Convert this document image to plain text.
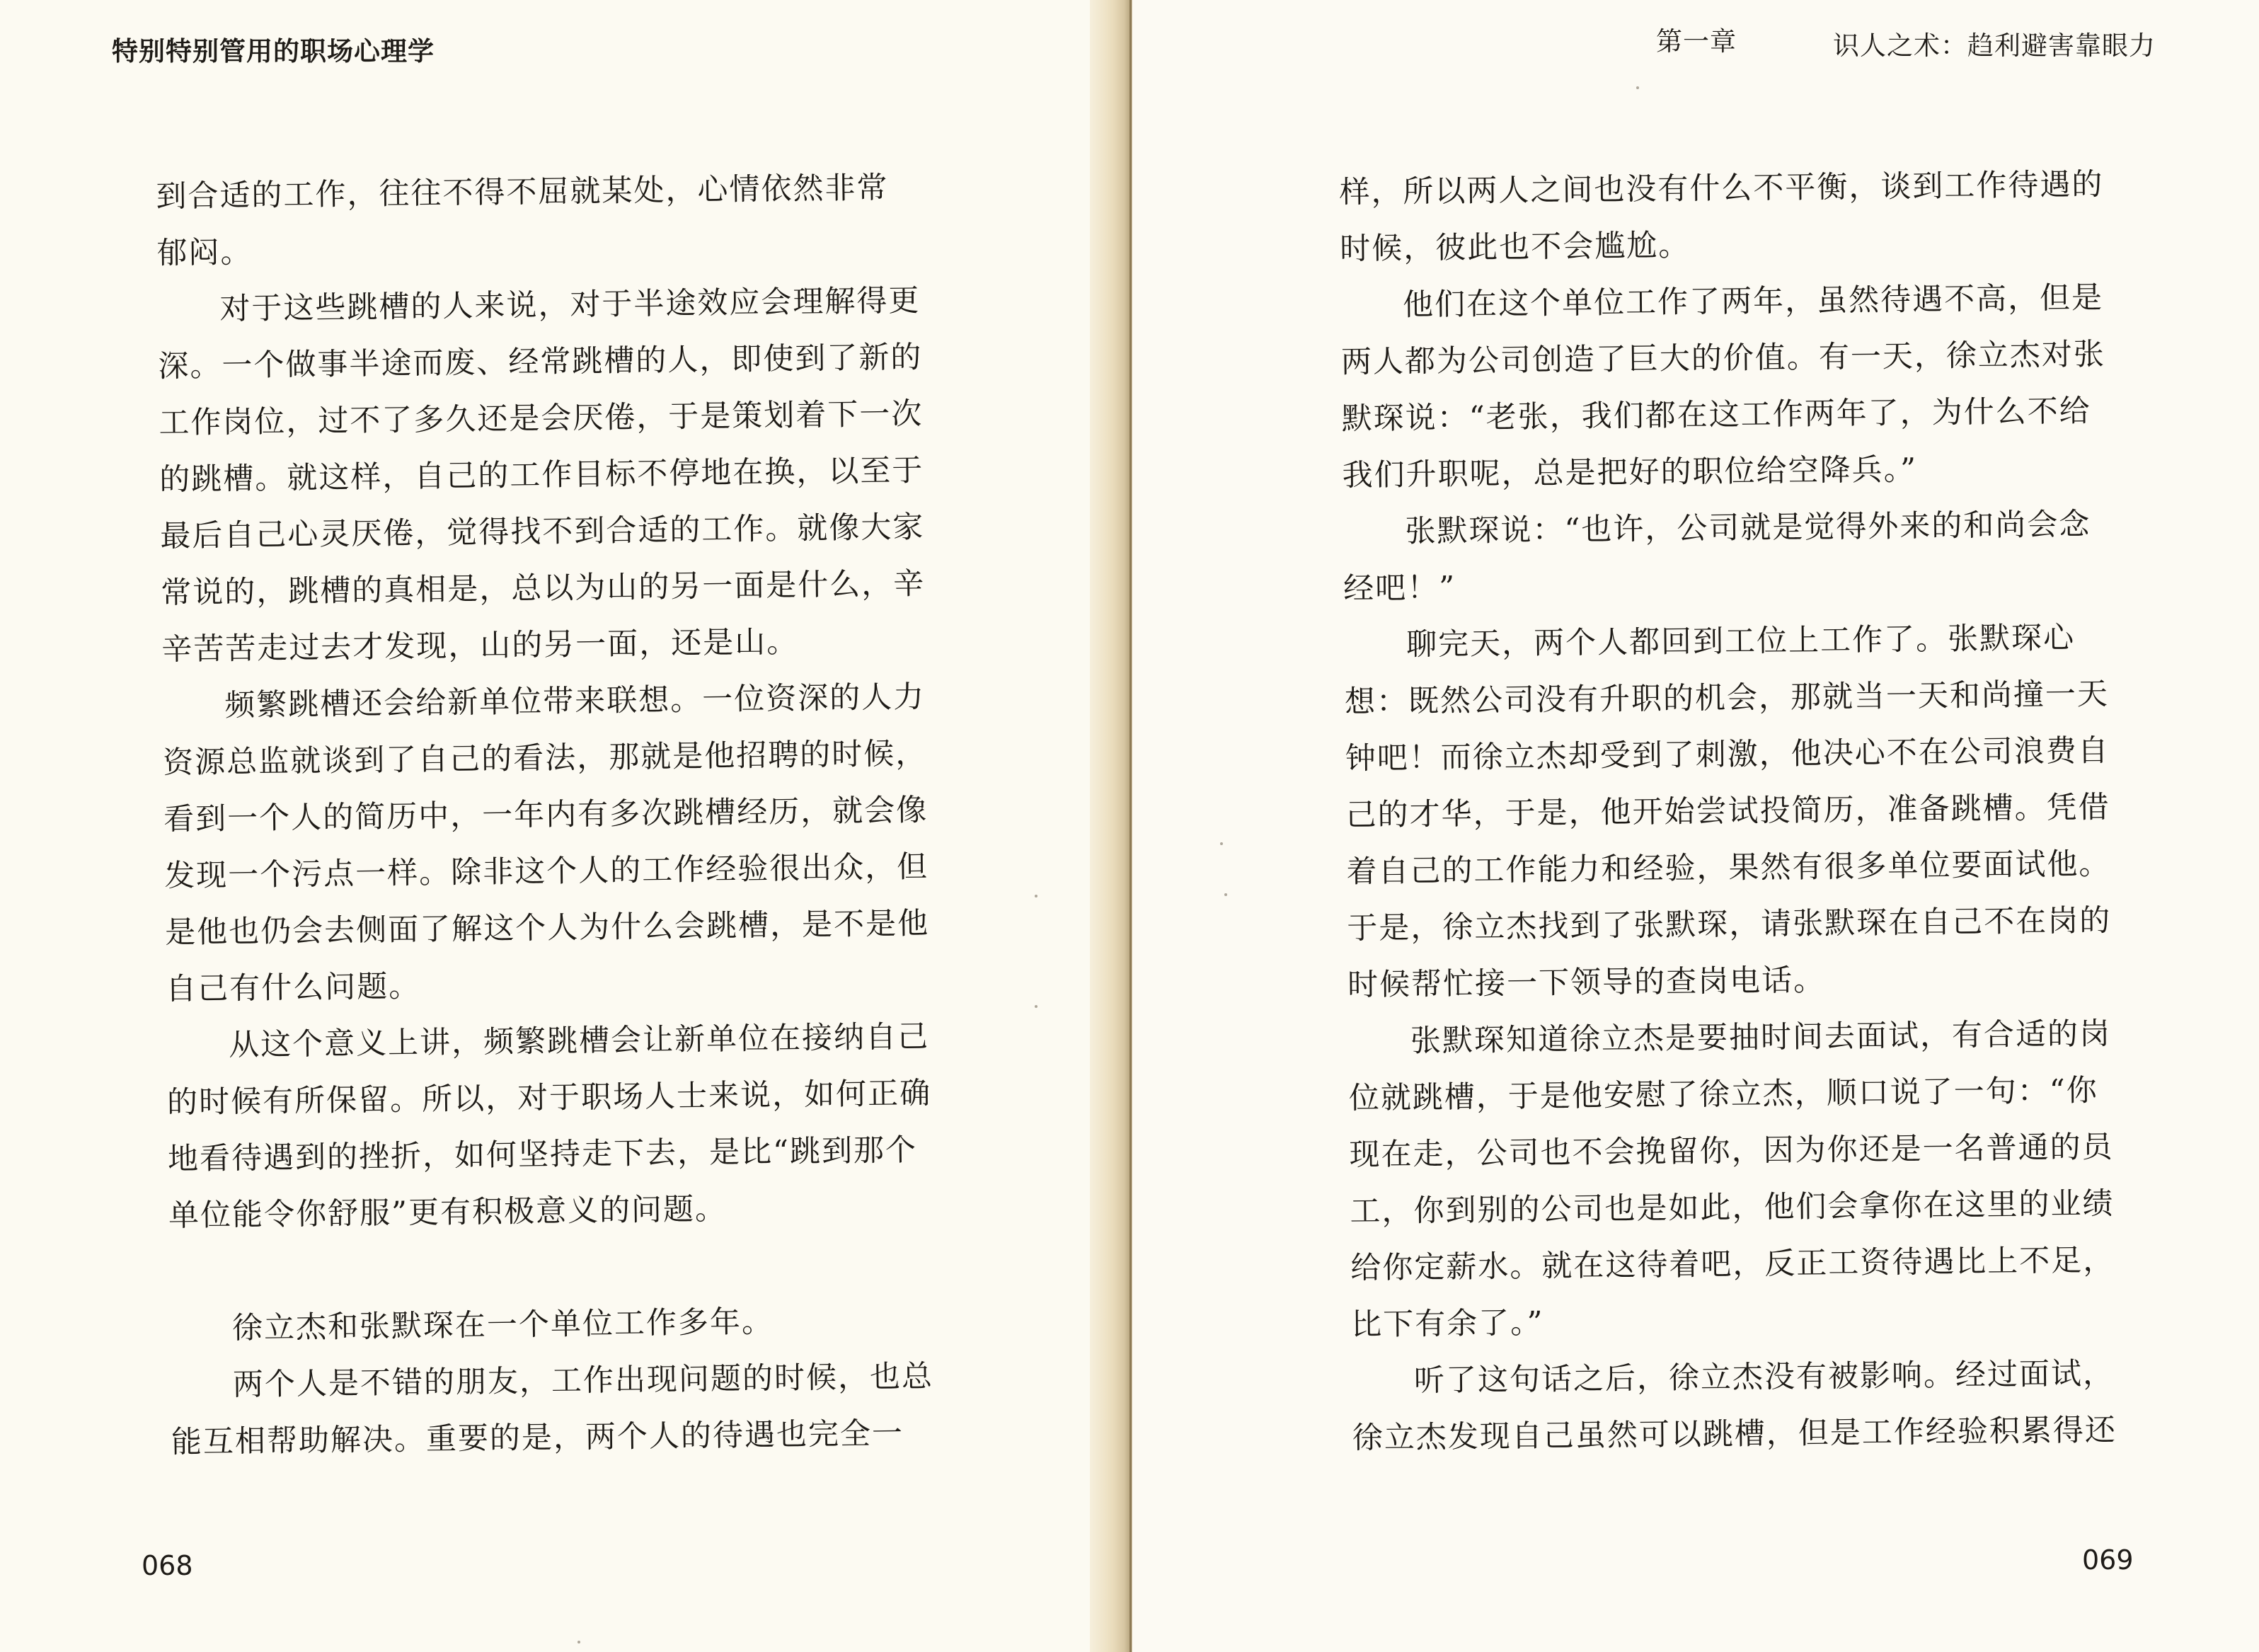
特别特别管用的职场心理学

到合适的工作，往往不得不屈就某处，心情依然非常

郁闷。

对于这些跳槽的人来说，对于半途效应会理解得更

深。一个做事半途而废、经常跳槽的人，即使到了新的

工作岗位，过不了多久还是会厌倦，于是策划着下一次

的跳槽。就这样，自己的工作目标不停地在换，以至于

最后自己心灵厌倦，觉得找不到合适的工作。就像大家

常说的，跳槽的真相是，总以为山的另一面是什么，辛

辛苦苦走过去才发现，山的另一面，还是山。

频繁跳槽还会给新单位带来联想。一位资深的人力

资源总监就谈到了自己的看法，那就是他招聘的时候，

看到一个人的简历中，一年内有多次跳槽经历，就会像

发现一个污点一样。除非这个人的工作经验很出众，但

是他也仍会去侧面了解这个人为什么会跳槽，是不是他

自己有什么问题。

从这个意义上讲，频繁跳槽会让新单位在接纳自己

的时候有所保留。所以，对于职场人士来说，如何正确

地看待遇到的挫折，如何坚持走下去，是比“跳到那个

单位能令你舒服”更有积极意义的问题。

徐立杰和张默琛在一个单位工作多年。

两个人是不错的朋友，工作出现问题的时候，也总

能互相帮助解决。重要的是，两个人的待遇也完全一

068
第一章	识人之术：趋利避害靠眼力

样，所以两人之间也没有什么不平衡，谈到工作待遇的

时候，彼此也不会尴尬。

他们在这个单位工作了两年，虽然待遇不高，但是

两人都为公司创造了巨大的价值。有一天，徐立杰对张

默琛说：“老张，我们都在这工作两年了，为什么不给

我们升职呢，总是把好的职位给空降兵。”

张默琛说：“也许，公司就是觉得外来的和尚会念

经吧！”

聊完天，两个人都回到工位上工作了。张默琛心

想：既然公司没有升职的机会，那就当一天和尚撞一天

钟吧！而徐立杰却受到了刺激，他决心不在公司浪费自

己的才华，于是，他开始尝试投简历，准备跳槽。凭借

着自己的工作能力和经验，果然有很多单位要面试他。

于是，徐立杰找到了张默琛，请张默琛在自己不在岗的

时候帮忙接一下领导的查岗电话。

张默琛知道徐立杰是要抽时间去面试，有合适的岗

位就跳槽，于是他安慰了徐立杰，顺口说了一句：“你

现在走，公司也不会挽留你，因为你还是一名普通的员

工，你到别的公司也是如此，他们会拿你在这里的业绩

给你定薪水。就在这待着吧，反正工资待遇比上不足，

比下有余了。”

听了这句话之后，徐立杰没有被影响。经过面试，

徐立杰发现自己虽然可以跳槽，但是工作经验积累得还

069
